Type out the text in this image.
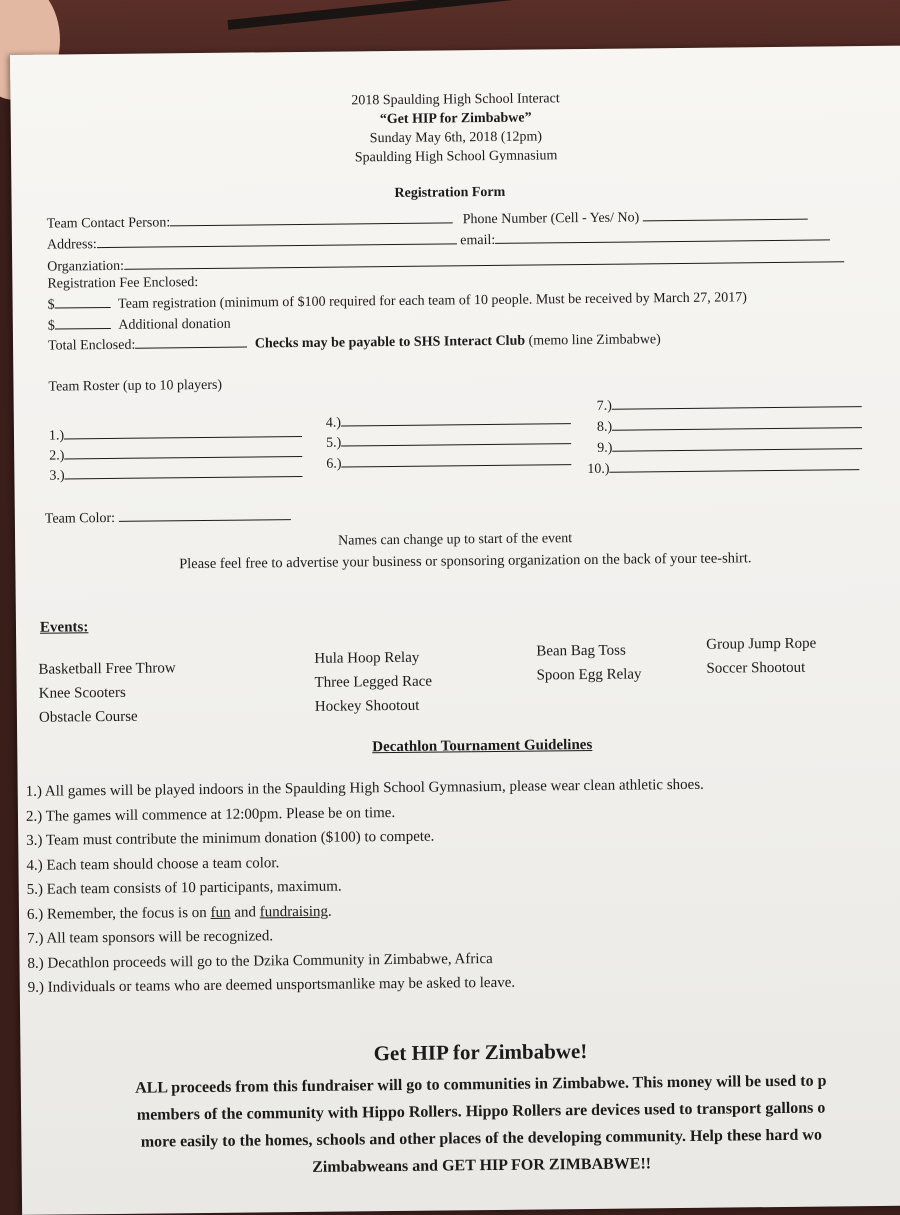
2018 Spaulding High School Interact
“Get HIP for Zimbabwe”
Sunday May 6th, 2018 (12pm)
Spaulding High School Gymnasium
Registration Form
Team Contact Person:	Phone Number (Cell - Yes/ No)
Address:	email:
Organziation:
Registration Fee Enclosed:
$	Team registration (minimum of $100 required for each team of 10 people. Must be received by March 27, 2017)
$	Additional donation
Total Enclosed:	Checks may be payable to SHS Interact Club (memo line Zimbabwe)
Team Roster (up to 10 players)
1.)
2.)
3.)
4.)
5.)
6.)
7.)
8.)
9.)
10.)
Team Color:
Names can change up to start of the event
Please feel free to advertise your business or sponsoring organization on the back of your tee-shirt.
Events:
Basketball Free Throw
Knee Scooters
Obstacle Course
Hula Hoop Relay
Three Legged Race
Hockey Shootout
Bean Bag Toss
Spoon Egg Relay
Group Jump Rope
Soccer Shootout
Decathlon Tournament Guidelines
1.) All games will be played indoors in the Spaulding High School Gymnasium, please wear clean athletic shoes.
2.) The games will commence at 12:00pm. Please be on time.
3.) Team must contribute the minimum donation ($100) to compete.
4.) Each team should choose a team color.
5.) Each team consists of 10 participants, maximum.
6.) Remember, the focus is on fun and fundraising.
7.) All team sponsors will be recognized.
8.) Decathlon proceeds will go to the Dzika Community in Zimbabwe, Africa
9.) Individuals or teams who are deemed unsportsmanlike may be asked to leave.
Get HIP for Zimbabwe!
ALL proceeds from this fundraiser will go to communities in Zimbabwe. This money will be used to p
members of the community with Hippo Rollers. Hippo Rollers are devices used to transport gallons o
more easily to the homes, schools and other places of the developing community. Help these hard wo
Zimbabweans and GET HIP FOR ZIMBABWE!!
